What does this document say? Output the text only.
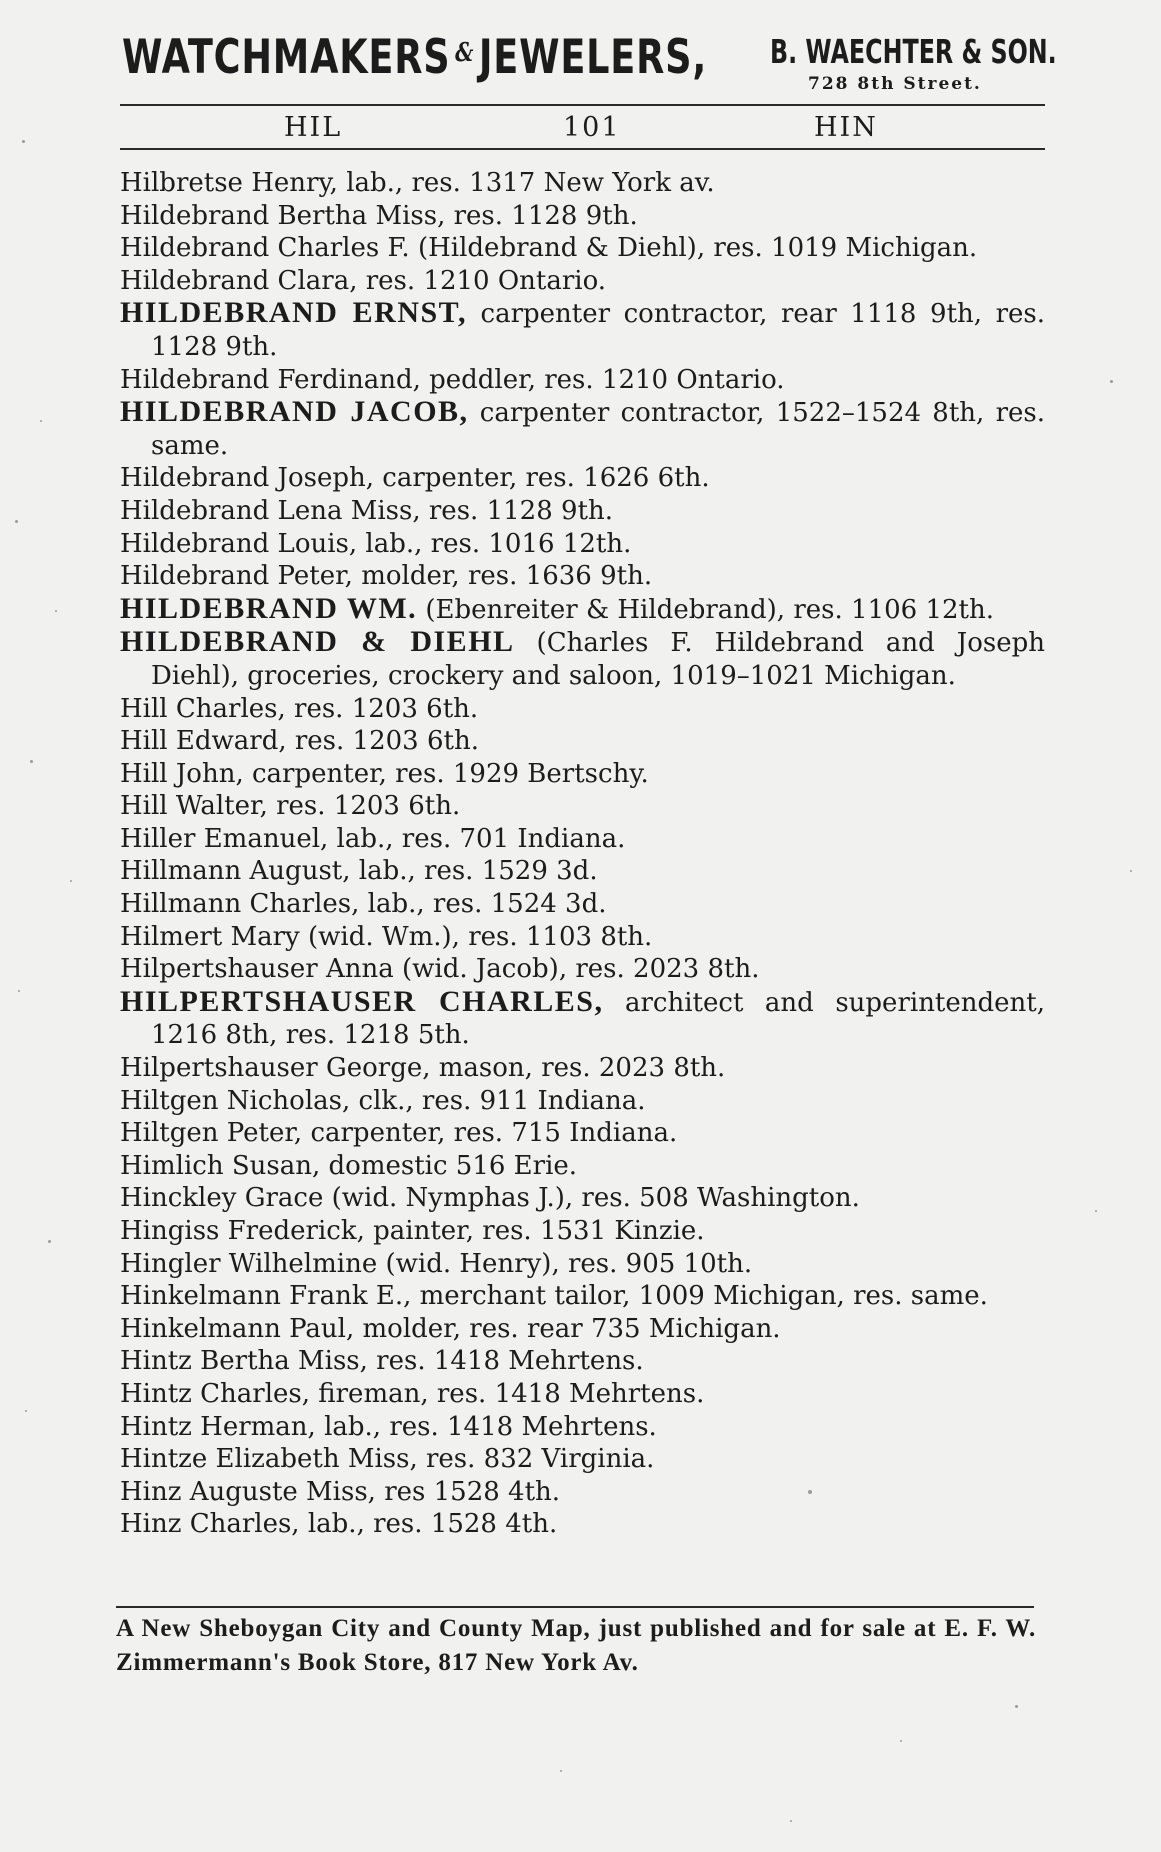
WATCHMAKERS &JEWELERS, B. WAECHTER & SON.
728 8th Street.
HIL	101	HIN
Hilbretse Henry, lab., res. 1317 New York av.
Hildebrand Bertha Miss, res. 1128 9th.
Hildebrand Charles F. (Hildebrand & Diehl), res. 1019 Michigan.
Hildebrand Clara, res. 1210 Ontario.
HILDEBRAND ERNST, carpenter contractor, rear 1118 9th, res. 1128 9th.
Hildebrand Ferdinand, peddler, res. 1210 Ontario.
HILDEBRAND JACOB, carpenter contractor, 1522–1524 8th, res. same.
Hildebrand Joseph, carpenter, res. 1626 6th.
Hildebrand Lena Miss, res. 1128 9th.
Hildebrand Louis, lab., res. 1016 12th.
Hildebrand Peter, molder, res. 1636 9th.
HILDEBRAND WM. (Ebenreiter & Hildebrand), res. 1106 12th.
HILDEBRAND & DIEHL (Charles F. Hildebrand and Joseph Diehl), groceries, crockery and saloon, 1019–1021 Michigan.
Hill Charles, res. 1203 6th.
Hill Edward, res. 1203 6th.
Hill John, carpenter, res. 1929 Bertschy.
Hill Walter, res. 1203 6th.
Hiller Emanuel, lab., res. 701 Indiana.
Hillmann August, lab., res. 1529 3d.
Hillmann Charles, lab., res. 1524 3d.
Hilmert Mary (wid. Wm.), res. 1103 8th.
Hilpertshauser Anna (wid. Jacob), res. 2023 8th.
HILPERTSHAUSER CHARLES, architect and superintendent, 1216 8th, res. 1218 5th.
Hilpertshauser George, mason, res. 2023 8th.
Hiltgen Nicholas, clk., res. 911 Indiana.
Hiltgen Peter, carpenter, res. 715 Indiana.
Himlich Susan, domestic 516 Erie.
Hinckley Grace (wid. Nymphas J.), res. 508 Washington.
Hingiss Frederick, painter, res. 1531 Kinzie.
Hingler Wilhelmine (wid. Henry), res. 905 10th.
Hinkelmann Frank E., merchant tailor, 1009 Michigan, res. same.
Hinkelmann Paul, molder, res. rear 735 Michigan.
Hintz Bertha Miss, res. 1418 Mehrtens.
Hintz Charles, fireman, res. 1418 Mehrtens.
Hintz Herman, lab., res. 1418 Mehrtens.
Hintze Elizabeth Miss, res. 832 Virginia.
Hinz Auguste Miss, res 1528 4th.
Hinz Charles, lab., res. 1528 4th.
A New Sheboygan City and County Map, just published and for sale at E. F. W. Zimmermann's Book Store, 817 New York Av.
